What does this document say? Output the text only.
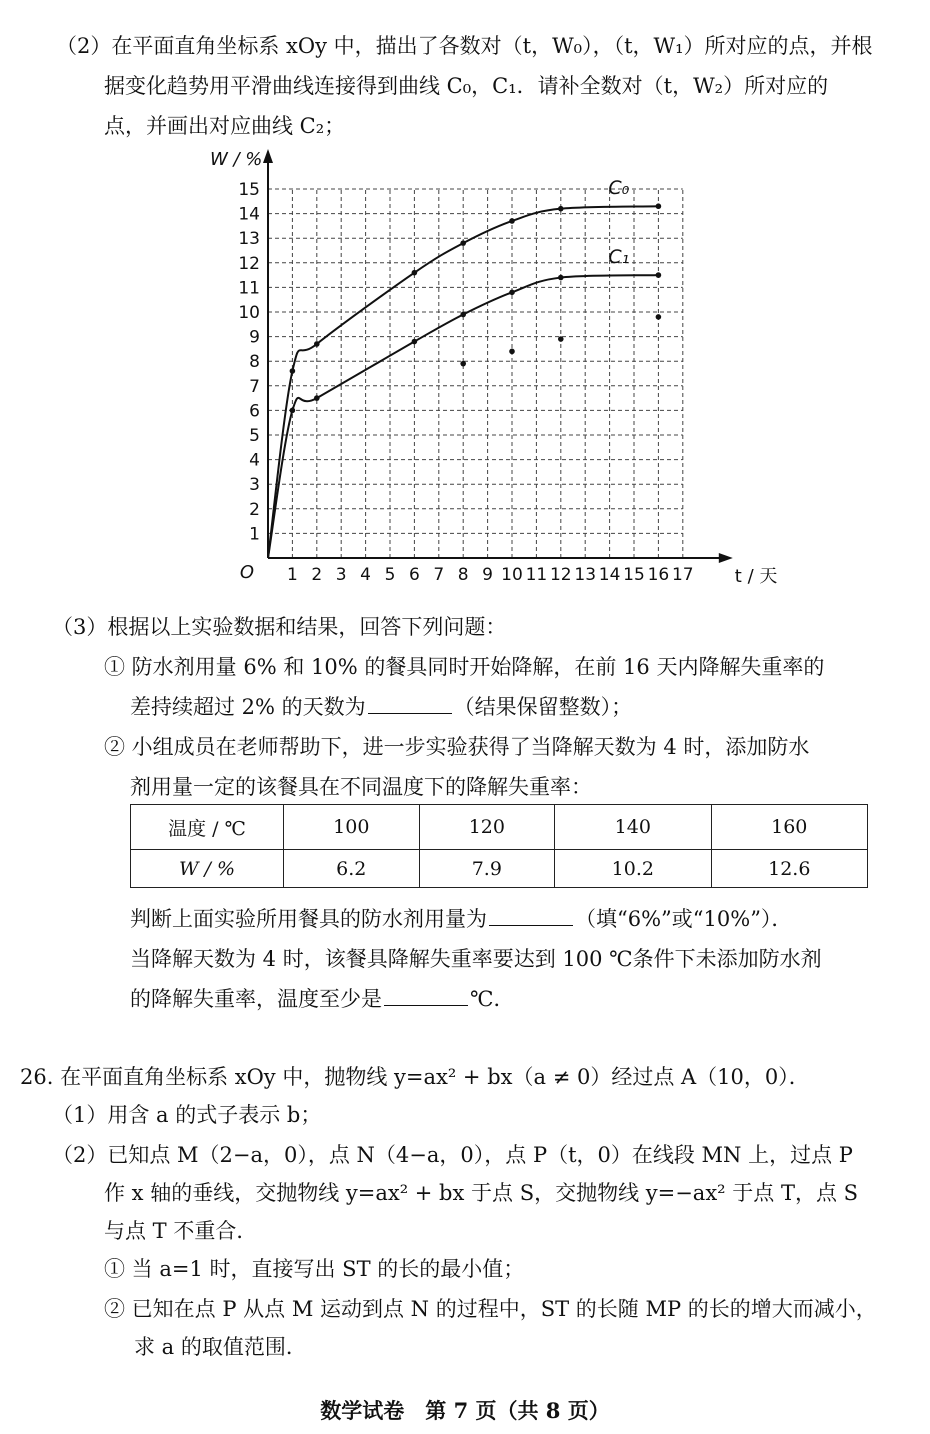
（2）在平面直角坐标系 xOy 中，描出了各数对（t，W₀），（t，W₁）所对应的点，并根
据变化趋势用平滑曲线连接得到曲线 C₀，C₁．请补全数对（t，W₂）所对应的
点，并画出对应曲线 C₂；
1 2 3 4 5 6 7 8 9 10 11 12 13 14 15 16 17
1
2
3
4
5
6
7
8
9
10
11
12
13
14
15
O	t / 天
W / %
C₀
C₁
（3）根据以上实验数据和结果，回答下列问题：
① 防水剂用量 6% 和 10% 的餐具同时开始降解，在前 16 天内降解失重率的
差持续超过 2% 的天数为	（结果保留整数）；
② 小组成员在老师帮助下，进一步实验获得了当降解天数为 4 时，添加防水
剂用量一定的该餐具在不同温度下的降解失重率：
温度 / ℃	100	120	140	160
W / %	6.2	7.9	10.2	12.6
判断上面实验所用餐具的防水剂用量为	（填“6%”或“10%”）．
当降解天数为 4 时，该餐具降解失重率要达到 100 ℃条件下未添加防水剂
的降解失重率，温度至少是	℃．
26. 在平面直角坐标系 xOy 中，抛物线 y=ax² + bx（a ≠ 0）经过点 A（10，0）．
（1）用含 a 的式子表示 b；
（2）已知点 M（2−a，0），点 N（4−a，0），点 P（t，0）在线段 MN 上，过点 P
作 x 轴的垂线，交抛物线 y=ax² + bx 于点 S，交抛物线 y=−ax² 于点 T，点 S
与点 T 不重合．
① 当 a=1 时，直接写出 ST 的长的最小值；
② 已知在点 P 从点 M 运动到点 N 的过程中，ST 的长随 MP 的长的增大而减小，
求 a 的取值范围．
数学试卷　第 7 页（共 8 页）
